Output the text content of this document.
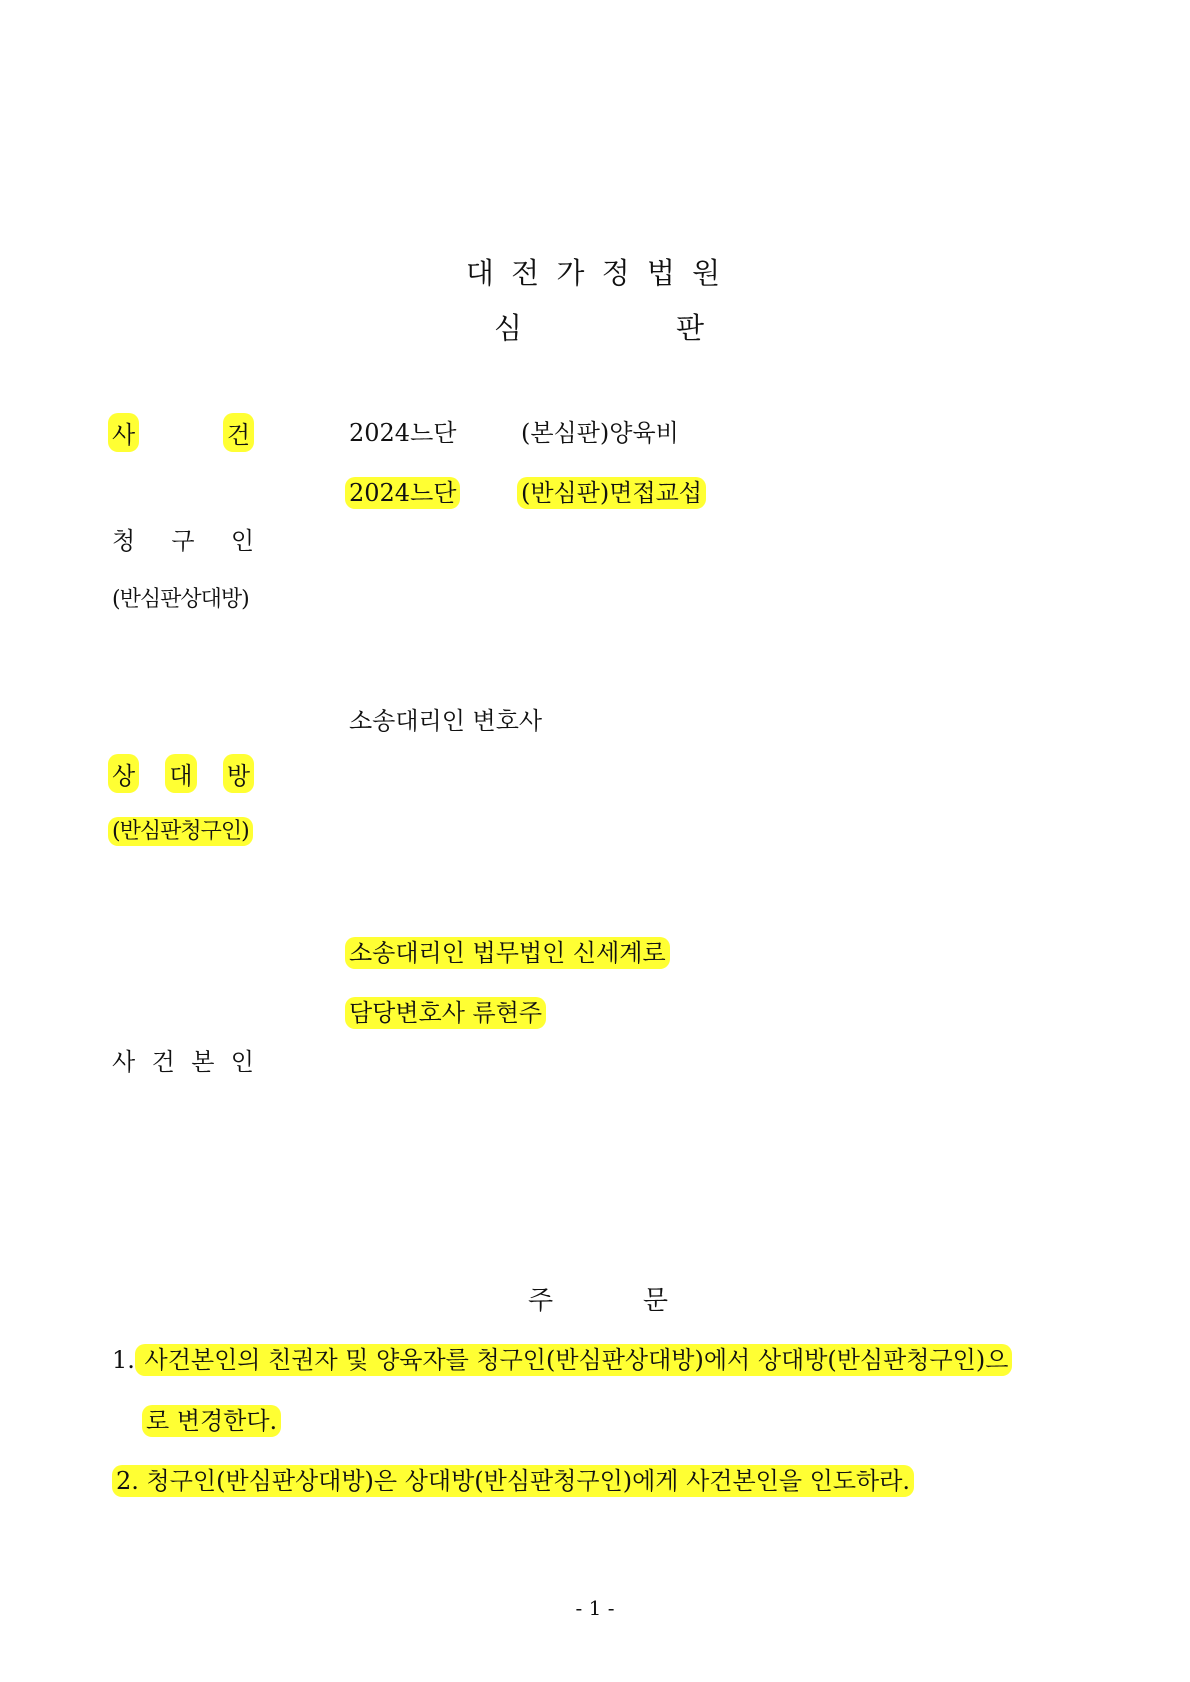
대 전 가 정 법 원
심	판
사	건	2024느단	(본심판)양육비
2024느단	(반심판)면접교섭
청 구 인
(반심판상대방)
소송대리인 변호사
상 대 방
(반심판청구인)
소송대리인 법무법인 신세계로
담당변호사 류현주
사 건 본 인
주	문
1. 사건본인의 친권자 및 양육자를 청구인(반심판상대방)에서 상대방(반심판청구인)으
로 변경한다.
2. 청구인(반심판상대방)은 상대방(반심판청구인)에게 사건본인을 인도하라.
- 1 -
